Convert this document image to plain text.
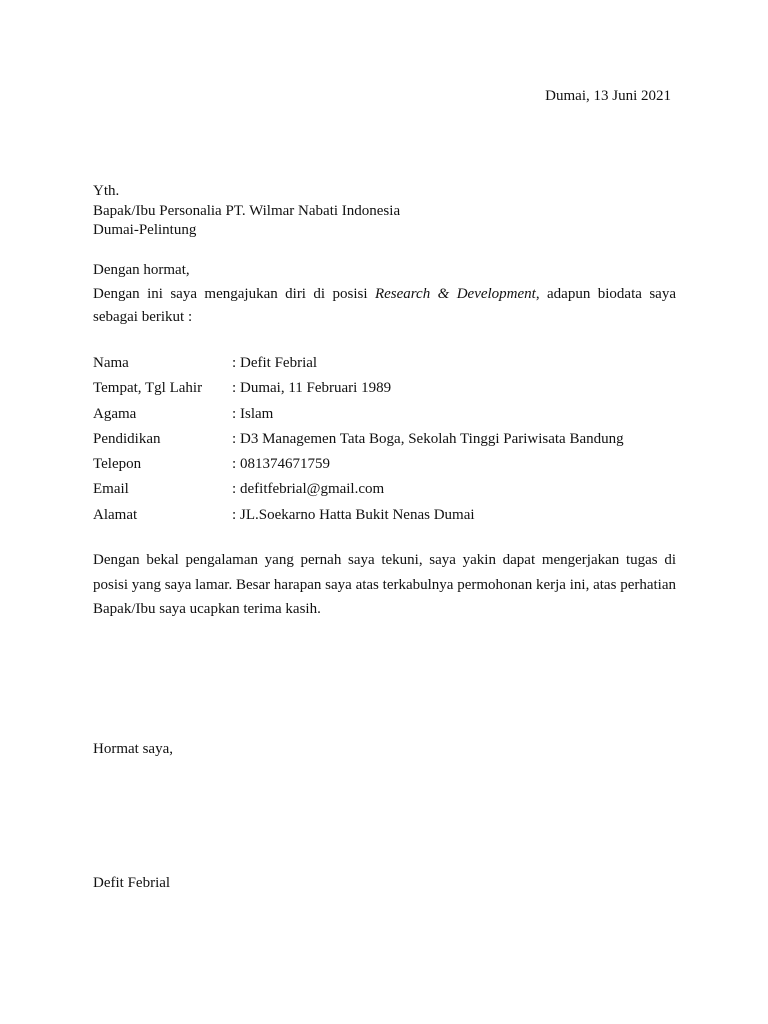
Dumai, 13 Juni 2021
Yth.
Bapak/Ibu Personalia PT. Wilmar Nabati Indonesia
Dumai-Pelintung
Dengan hormat,
Dengan ini saya mengajukan diri di posisi Research & Development, adapun biodata saya sebagai berikut :
Nama	: Defit Febrial
Tempat, Tgl Lahir	: Dumai, 11 Februari 1989
Agama	: Islam
Pendidikan	: D3 Managemen Tata Boga, Sekolah Tinggi Pariwisata Bandung
Telepon	: 081374671759
Email	: defitfebrial@gmail.com
Alamat	: JL.Soekarno Hatta Bukit Nenas Dumai
Dengan bekal pengalaman yang pernah saya tekuni, saya yakin dapat mengerjakan tugas di posisi yang saya lamar. Besar harapan saya atas terkabulnya permohonan kerja ini, atas perhatian Bapak/Ibu saya ucapkan terima kasih.
Hormat saya,
Defit Febrial
